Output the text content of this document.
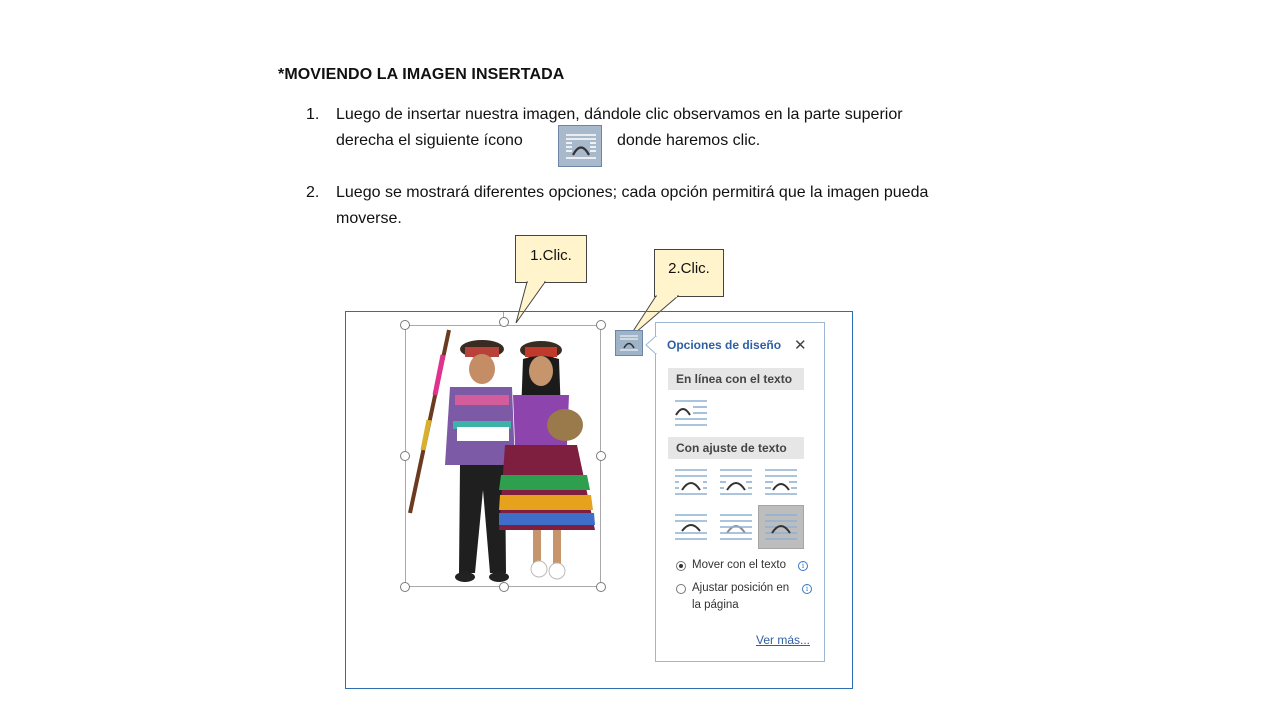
*MOVIENDO LA IMAGEN INSERTADA
1. Luego de insertar nuestra imagen, dándole clic observamos en la parte superior
derecha el siguiente ícono	donde haremos clic.
2. Luego se mostrará diferentes opciones; cada opción permitirá que la imagen pueda
moverse.
1.Clic.
2.Clic.
Opciones de diseño ✕
En línea con el texto
Con ajuste de texto
Mover con el texto	i
Ajustar posición en	i
la página
Ver más...
